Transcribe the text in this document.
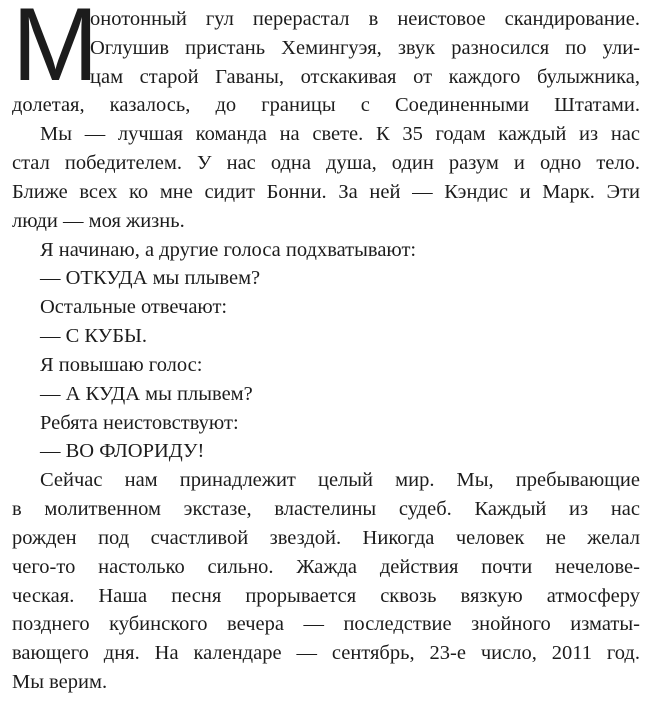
М
онотонный гул перерастал в неистовое скандирование.
Оглушив пристань Хемингуэя, звук разносился по ули-
цам старой Гаваны, отскакивая от каждого булыжника,
долетая, казалось, до границы с Соединенными Штатами.
Мы — лучшая команда на свете. К 35 годам каждый из нас
стал победителем. У нас одна душа, один разум и одно тело.
Ближе всех ко мне сидит Бонни. За ней — Кэндис и Марк. Эти
люди — моя жизнь.
Я начинаю, а другие голоса подхватывают:
— ОТКУДА мы плывем?
Остальные отвечают:
— С КУБЫ.
Я повышаю голос:
— А КУДА мы плывем?
Ребята неистовствуют:
— ВО ФЛОРИДУ!
Сейчас нам принадлежит целый мир. Мы, пребывающие
в молитвенном экстазе, властелины судеб. Каждый из нас
рожден под счастливой звездой. Никогда человек не желал
чего-то настолько сильно. Жажда действия почти нечелове-
ческая. Наша песня прорывается сквозь вязкую атмосферу
позднего кубинского вечера — последствие знойного изматы-
вающего дня. На календаре — сентябрь, 23-е число, 2011 год.
Мы верим.
